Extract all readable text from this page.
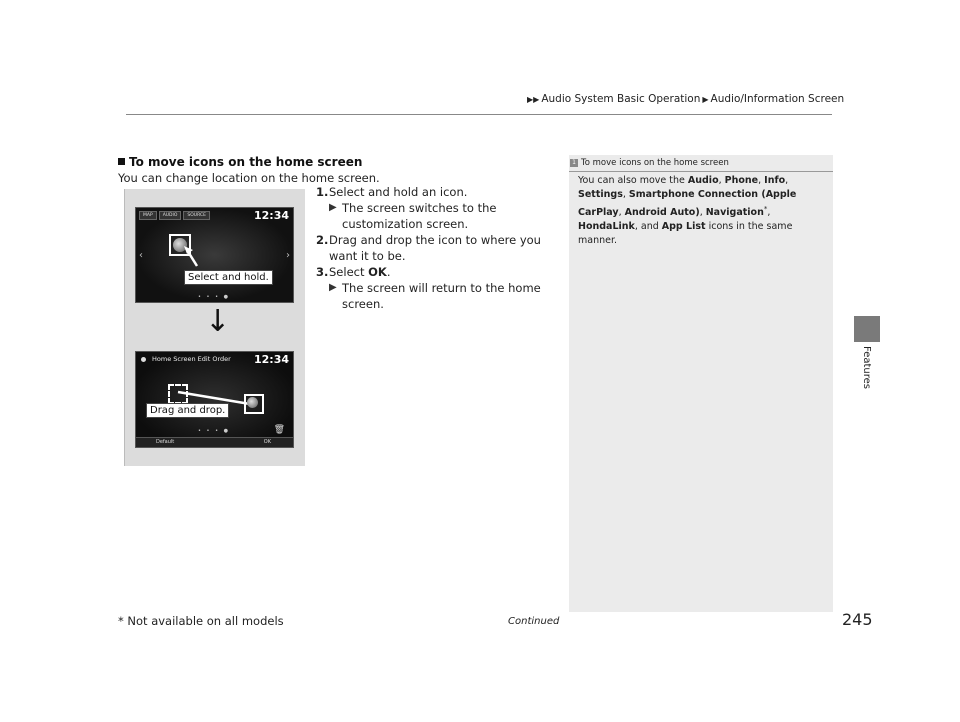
▶▶ Audio System Basic Operation ▶ Audio/Information Screen
Features
To move icons on the home screen
You can change location on the home screen.
MAP	AUDIO	SOURCE	12:34
‹	›
Select and hold.
• • • ●
↓
Home Screen Edit Order 12:34
Drag and drop.
🗑
• • • ●
Default	OK
1. Select and hold an icon.
▶ The screen switches to the customization screen.
2. Drag and drop the icon to where you want it to be.
3. Select OK.
▶ The screen will return to the home screen.
1 To move icons on the home screen
You can also move the Audio, Phone, Info, Settings, Smartphone Connection (Apple CarPlay, Android Auto), Navigation*, HondaLink, and App List icons in the same manner.
* Not available on all models	Continued	245
